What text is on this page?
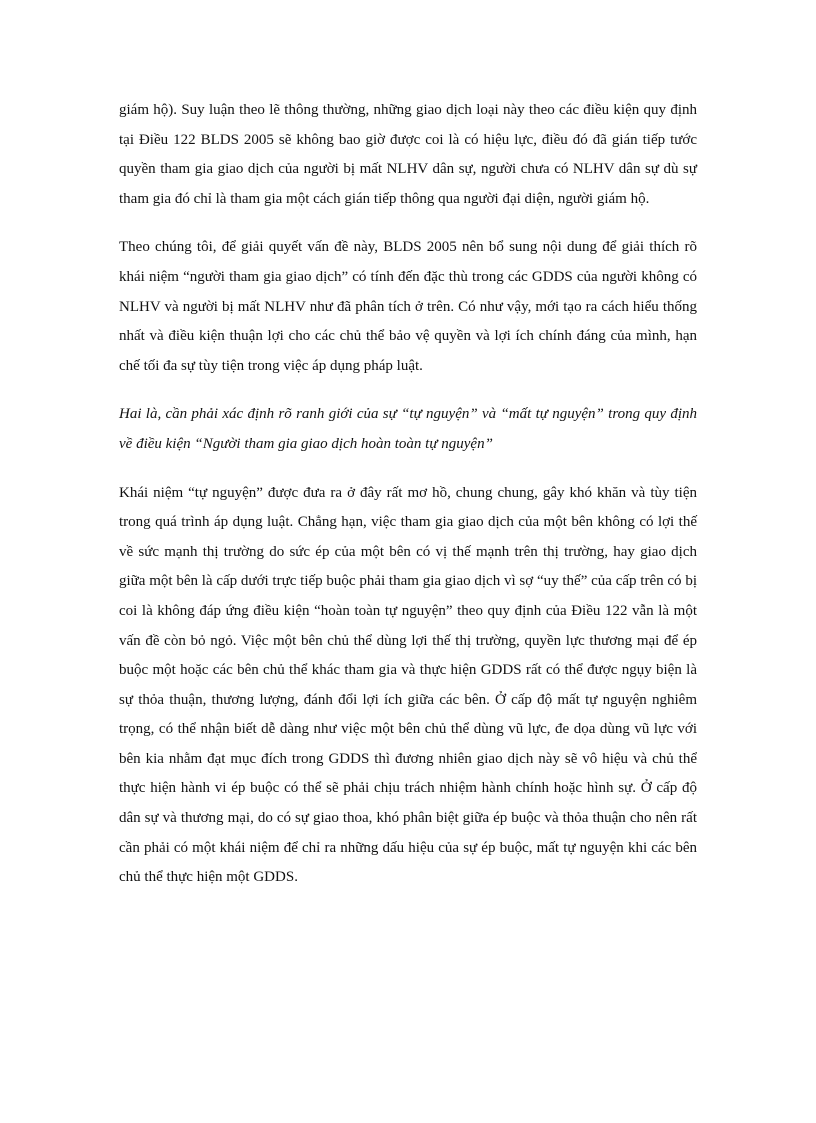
giám hộ). Suy luận theo lẽ thông thường, những giao dịch loại này theo các điều kiện quy định tại Điều 122 BLDS 2005 sẽ không bao giờ được coi là có hiệu lực, điều đó đã gián tiếp tước quyền tham gia giao dịch của người bị mất NLHV dân sự, người chưa có NLHV dân sự dù sự tham gia đó chỉ là tham gia một cách gián tiếp thông qua người đại diện, người giám hộ.

Theo chúng tôi, để giải quyết vấn đề này, BLDS 2005 nên bổ sung nội dung để giải thích rõ khái niệm “người tham gia giao dịch” có tính đến đặc thù trong các GDDS của người không có NLHV và người bị mất NLHV như đã phân tích ở trên. Có như vậy, mới tạo ra cách hiểu thống nhất và điều kiện thuận lợi cho các chủ thể bảo vệ quyền và lợi ích chính đáng của mình, hạn chế tối đa sự tùy tiện trong việc áp dụng pháp luật.

Hai là, cần phải xác định rõ ranh giới của sự “tự nguyện” và “mất tự nguyện” trong quy định về điều kiện “Người tham gia giao dịch hoàn toàn tự nguyện”

Khái niệm “tự nguyện” được đưa ra ở đây rất mơ hồ, chung chung, gây khó khăn và tùy tiện trong quá trình áp dụng luật. Chẳng hạn, việc tham gia giao dịch của một bên không có lợi thế về sức mạnh thị trường do sức ép của một bên có vị thế mạnh trên thị trường, hay giao dịch giữa một bên là cấp dưới trực tiếp buộc phải tham gia giao dịch vì sợ “uy thế” của cấp trên có bị coi là không đáp ứng điều kiện “hoàn toàn tự nguyện” theo quy định của Điều 122 vẫn là một vấn đề còn bỏ ngỏ. Việc một bên chủ thể dùng lợi thế thị trường, quyền lực thương mại để ép buộc một hoặc các bên chủ thể khác tham gia và thực hiện GDDS rất có thể được ngụy biện là sự thỏa thuận, thương lượng, đánh đổi lợi ích giữa các bên. Ở cấp độ mất tự nguyện nghiêm trọng, có thể nhận biết dễ dàng như việc một bên chủ thể dùng vũ lực, đe dọa dùng vũ lực với bên kia nhằm đạt mục đích trong GDDS thì đương nhiên giao dịch này sẽ vô hiệu và chủ thể thực hiện hành vi ép buộc có thể sẽ phải chịu trách nhiệm hành chính hoặc hình sự. Ở cấp độ dân sự và thương mại, do có sự giao thoa, khó phân biệt giữa ép buộc và thỏa thuận cho nên rất cần phải có một khái niệm để chỉ ra những dấu hiệu của sự ép buộc, mất tự nguyện khi các bên chủ thể thực hiện một GDDS.
